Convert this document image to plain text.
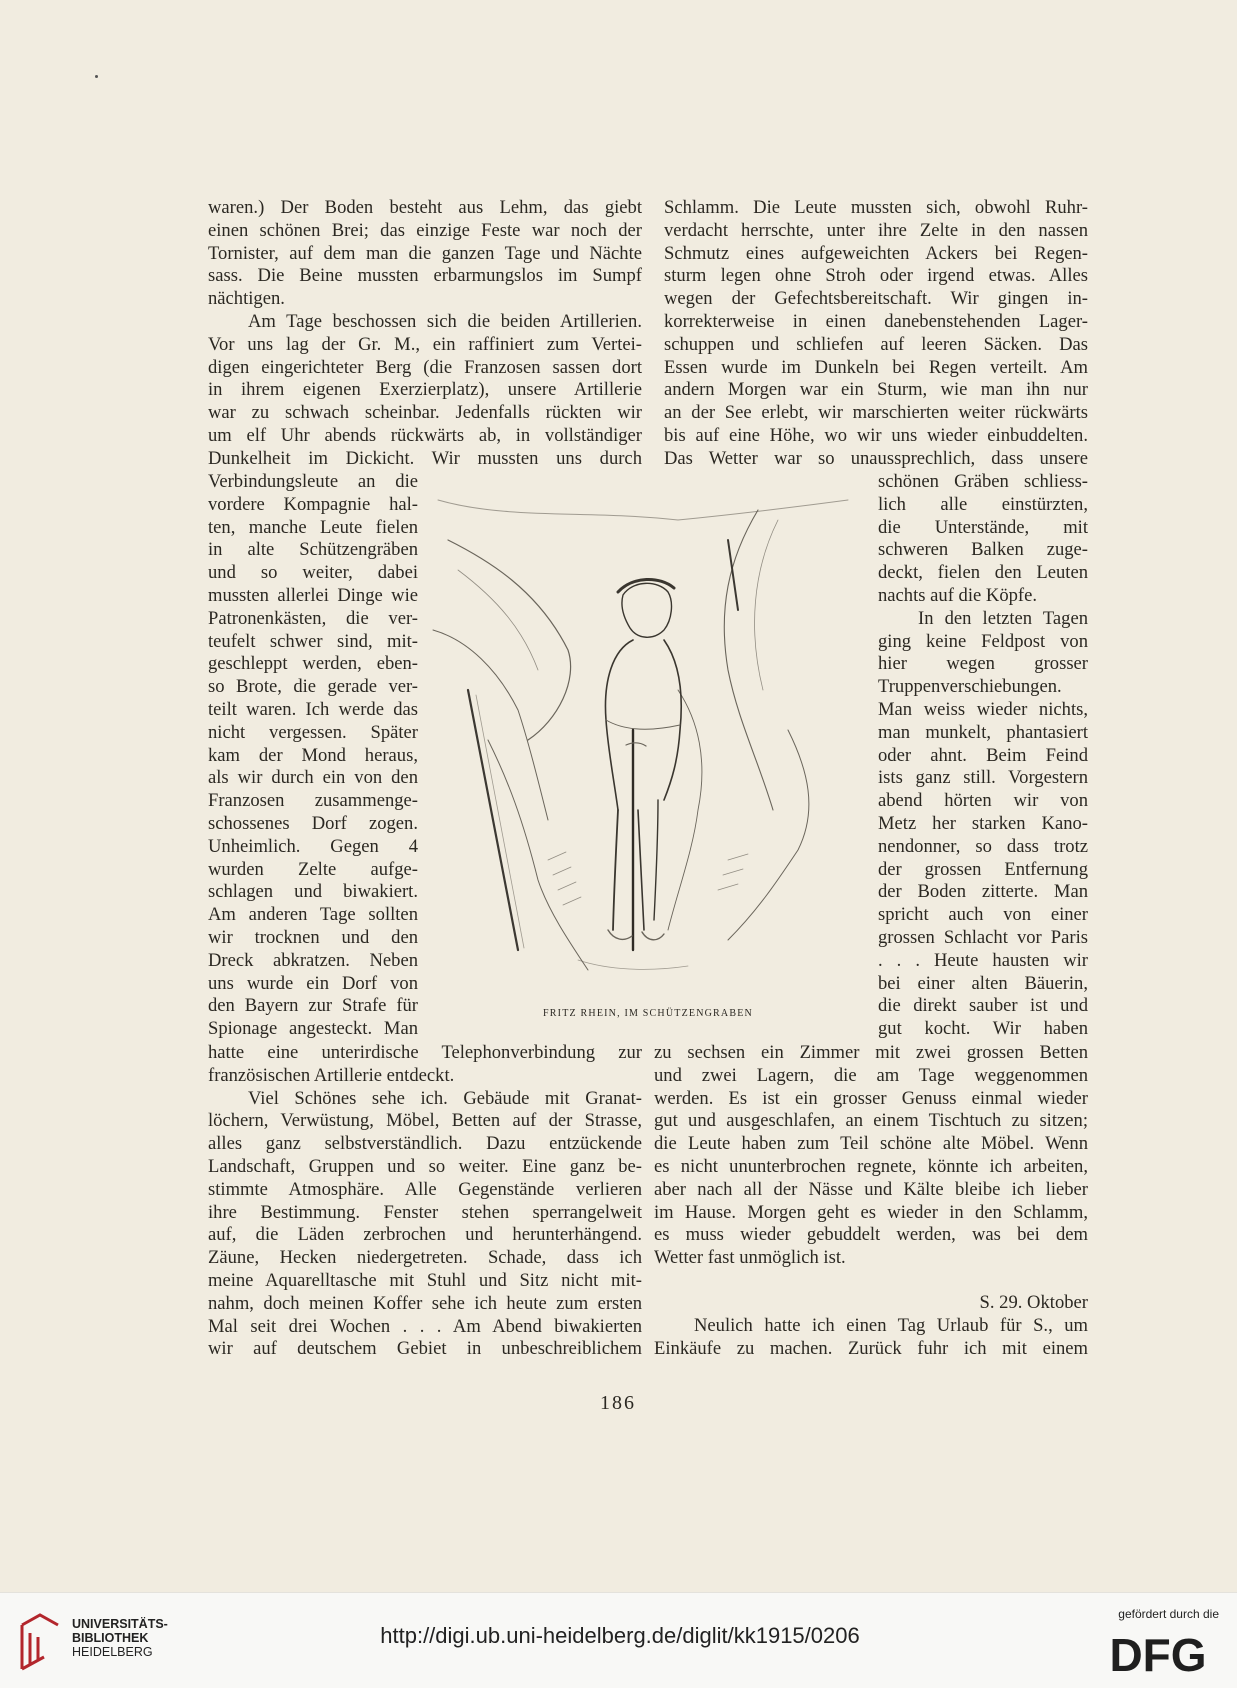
waren.) Der Boden besteht aus Lehm, das giebt
einen schönen Brei; das einzige Feste war noch der
Tornister, auf dem man die ganzen Tage und Nächte
sass. Die Beine mussten erbarmungslos im Sumpf
nächtigen.
Am Tage beschossen sich die beiden Artillerien.
Vor uns lag der Gr. M., ein raffiniert zum Vertei-
digen eingerichteter Berg (die Franzosen sassen dort
in ihrem eigenen Exerzierplatz), unsere Artillerie
war zu schwach scheinbar. Jedenfalls rückten wir
um elf Uhr abends rückwärts ab, in vollständiger
Dunkelheit im Dickicht. Wir mussten uns durch
Verbindungsleute an die
vordere Kompagnie hal-
ten, manche Leute fielen
in alte Schützengräben
und so weiter, dabei
mussten allerlei Dinge wie
Patronenkästen, die ver-
teufelt schwer sind, mit-
geschleppt werden, eben-
so Brote, die gerade ver-
teilt waren. Ich werde das
nicht vergessen. Später
kam der Mond heraus,
als wir durch ein von den
Franzosen zusammenge-
schossenes Dorf zogen.
Unheimlich. Gegen 4
wurden Zelte aufge-
schlagen und biwakiert.
Am anderen Tage sollten
wir trocknen und den
Dreck abkratzen. Neben
uns wurde ein Dorf von
den Bayern zur Strafe für
Spionage angesteckt. Man
FRITZ RHEIN, IM SCHÜTZENGRABEN
hatte eine unterirdische Telephonverbindung zur
französischen Artillerie entdeckt.
Viel Schönes sehe ich. Gebäude mit Granat-
löchern, Verwüstung, Möbel, Betten auf der Strasse,
alles ganz selbstverständlich. Dazu entzückende
Landschaft, Gruppen und so weiter. Eine ganz be-
stimmte Atmosphäre. Alle Gegenstände verlieren
ihre Bestimmung. Fenster stehen sperrangelweit
auf, die Läden zerbrochen und herunterhängend.
Zäune, Hecken niedergetreten. Schade, dass ich
meine Aquarelltasche mit Stuhl und Sitz nicht mit-
nahm, doch meinen Koffer sehe ich heute zum ersten
Mal seit drei Wochen . . . Am Abend biwakierten
wir auf deutschem Gebiet in unbeschreiblichem
Schlamm. Die Leute mussten sich, obwohl Ruhr-
verdacht herrschte, unter ihre Zelte in den nassen
Schmutz eines aufgeweichten Ackers bei Regen-
sturm legen ohne Stroh oder irgend etwas. Alles
wegen der Gefechtsbereitschaft. Wir gingen in-
korrekterweise in einen danebenstehenden Lager-
schuppen und schliefen auf leeren Säcken. Das
Essen wurde im Dunkeln bei Regen verteilt. Am
andern Morgen war ein Sturm, wie man ihn nur
an der See erlebt, wir marschierten weiter rückwärts
bis auf eine Höhe, wo wir uns wieder einbuddelten.
Das Wetter war so unaussprechlich, dass unsere
schönen Gräben schliess-
lich alle einstürzten,
die Unterstände, mit
schweren Balken zuge-
deckt, fielen den Leuten
nachts auf die Köpfe.
In den letzten Tagen
ging keine Feldpost von
hier wegen grosser
Truppenverschiebungen.
Man weiss wieder nichts,
man munkelt, phantasiert
oder ahnt. Beim Feind
ists ganz still. Vorgestern
abend hörten wir von
Metz her starken Kano-
nendonner, so dass trotz
der grossen Entfernung
der Boden zitterte. Man
spricht auch von einer
grossen Schlacht vor Paris
. . . Heute hausten wir
bei einer alten Bäuerin,
die direkt sauber ist und
gut kocht. Wir haben
zu sechsen ein Zimmer mit zwei grossen Betten
und zwei Lagern, die am Tage weggenommen
werden. Es ist ein grosser Genuss einmal wieder
gut und ausgeschlafen, an einem Tischtuch zu sitzen;
die Leute haben zum Teil schöne alte Möbel. Wenn
es nicht ununterbrochen regnete, könnte ich arbeiten,
aber nach all der Nässe und Kälte bleibe ich lieber
im Hause. Morgen geht es wieder in den Schlamm,
es muss wieder gebuddelt werden, was bei dem
Wetter fast unmöglich ist.
S. 29. Oktober
Neulich hatte ich einen Tag Urlaub für S., um
Einkäufe zu machen. Zurück fuhr ich mit einem
186
UNIVERSITÄTS-
BIBLIOTHEK
HEIDELBERG
http://digi.ub.uni-heidelberg.de/diglit/kk1915/0206
gefördert durch die
DFG
